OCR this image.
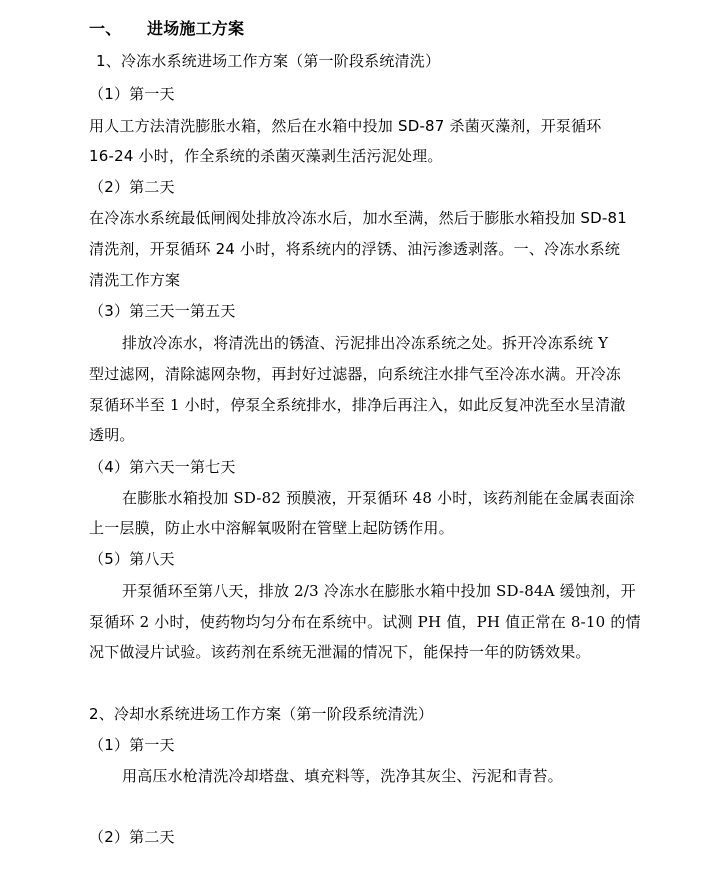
一、 进场施工方案
1、冷冻水系统进场工作方案（第一阶段系统清洗）
（1）第一天
用人工方法清洗膨胀水箱，然后在水箱中投加 SD-87 杀菌灭藻剂，开泵循环
16-24 小时，作全系统的杀菌灭藻剥生活污泥处理。
（2）第二天
在冷冻水系统最低闸阀处排放冷冻水后，加水至满，然后于膨胀水箱投加 SD-81
清洗剂，开泵循环 24 小时，将系统内的浮锈、油污渗透剥落。一、冷冻水系统
清洗工作方案
（3）第三天一第五天
排放冷冻水，将清洗出的锈渣、污泥排出冷冻系统之处。拆开冷冻系统 Y
型过滤网，清除滤网杂物，再封好过滤器，向系统注水排气至冷冻水满。开冷冻
泵循环半至 1 小时，停泵全系统排水，排净后再注入，如此反复冲洗至水呈清澈
透明。
（4）第六天一第七天
在膨胀水箱投加 SD-82 预膜液，开泵循环 48 小时，该药剂能在金属表面涂
上一层膜，防止水中溶解氧吸附在管壁上起防锈作用。
（5）第八天
开泵循环至第八天，排放 2/3 冷冻水在膨胀水箱中投加 SD-84A 缓蚀剂，开
泵循环 2 小时，使药物均匀分布在系统中。试测 PH 值，PH 值正常在 8-10 的情
况下做浸片试验。该药剂在系统无泄漏的情况下，能保持一年的防锈效果。
2、冷却水系统进场工作方案（第一阶段系统清洗）
（1）第一天
用高压水枪清洗冷却塔盘、填充料等，洗净其灰尘、污泥和青苔。
（2）第二天
